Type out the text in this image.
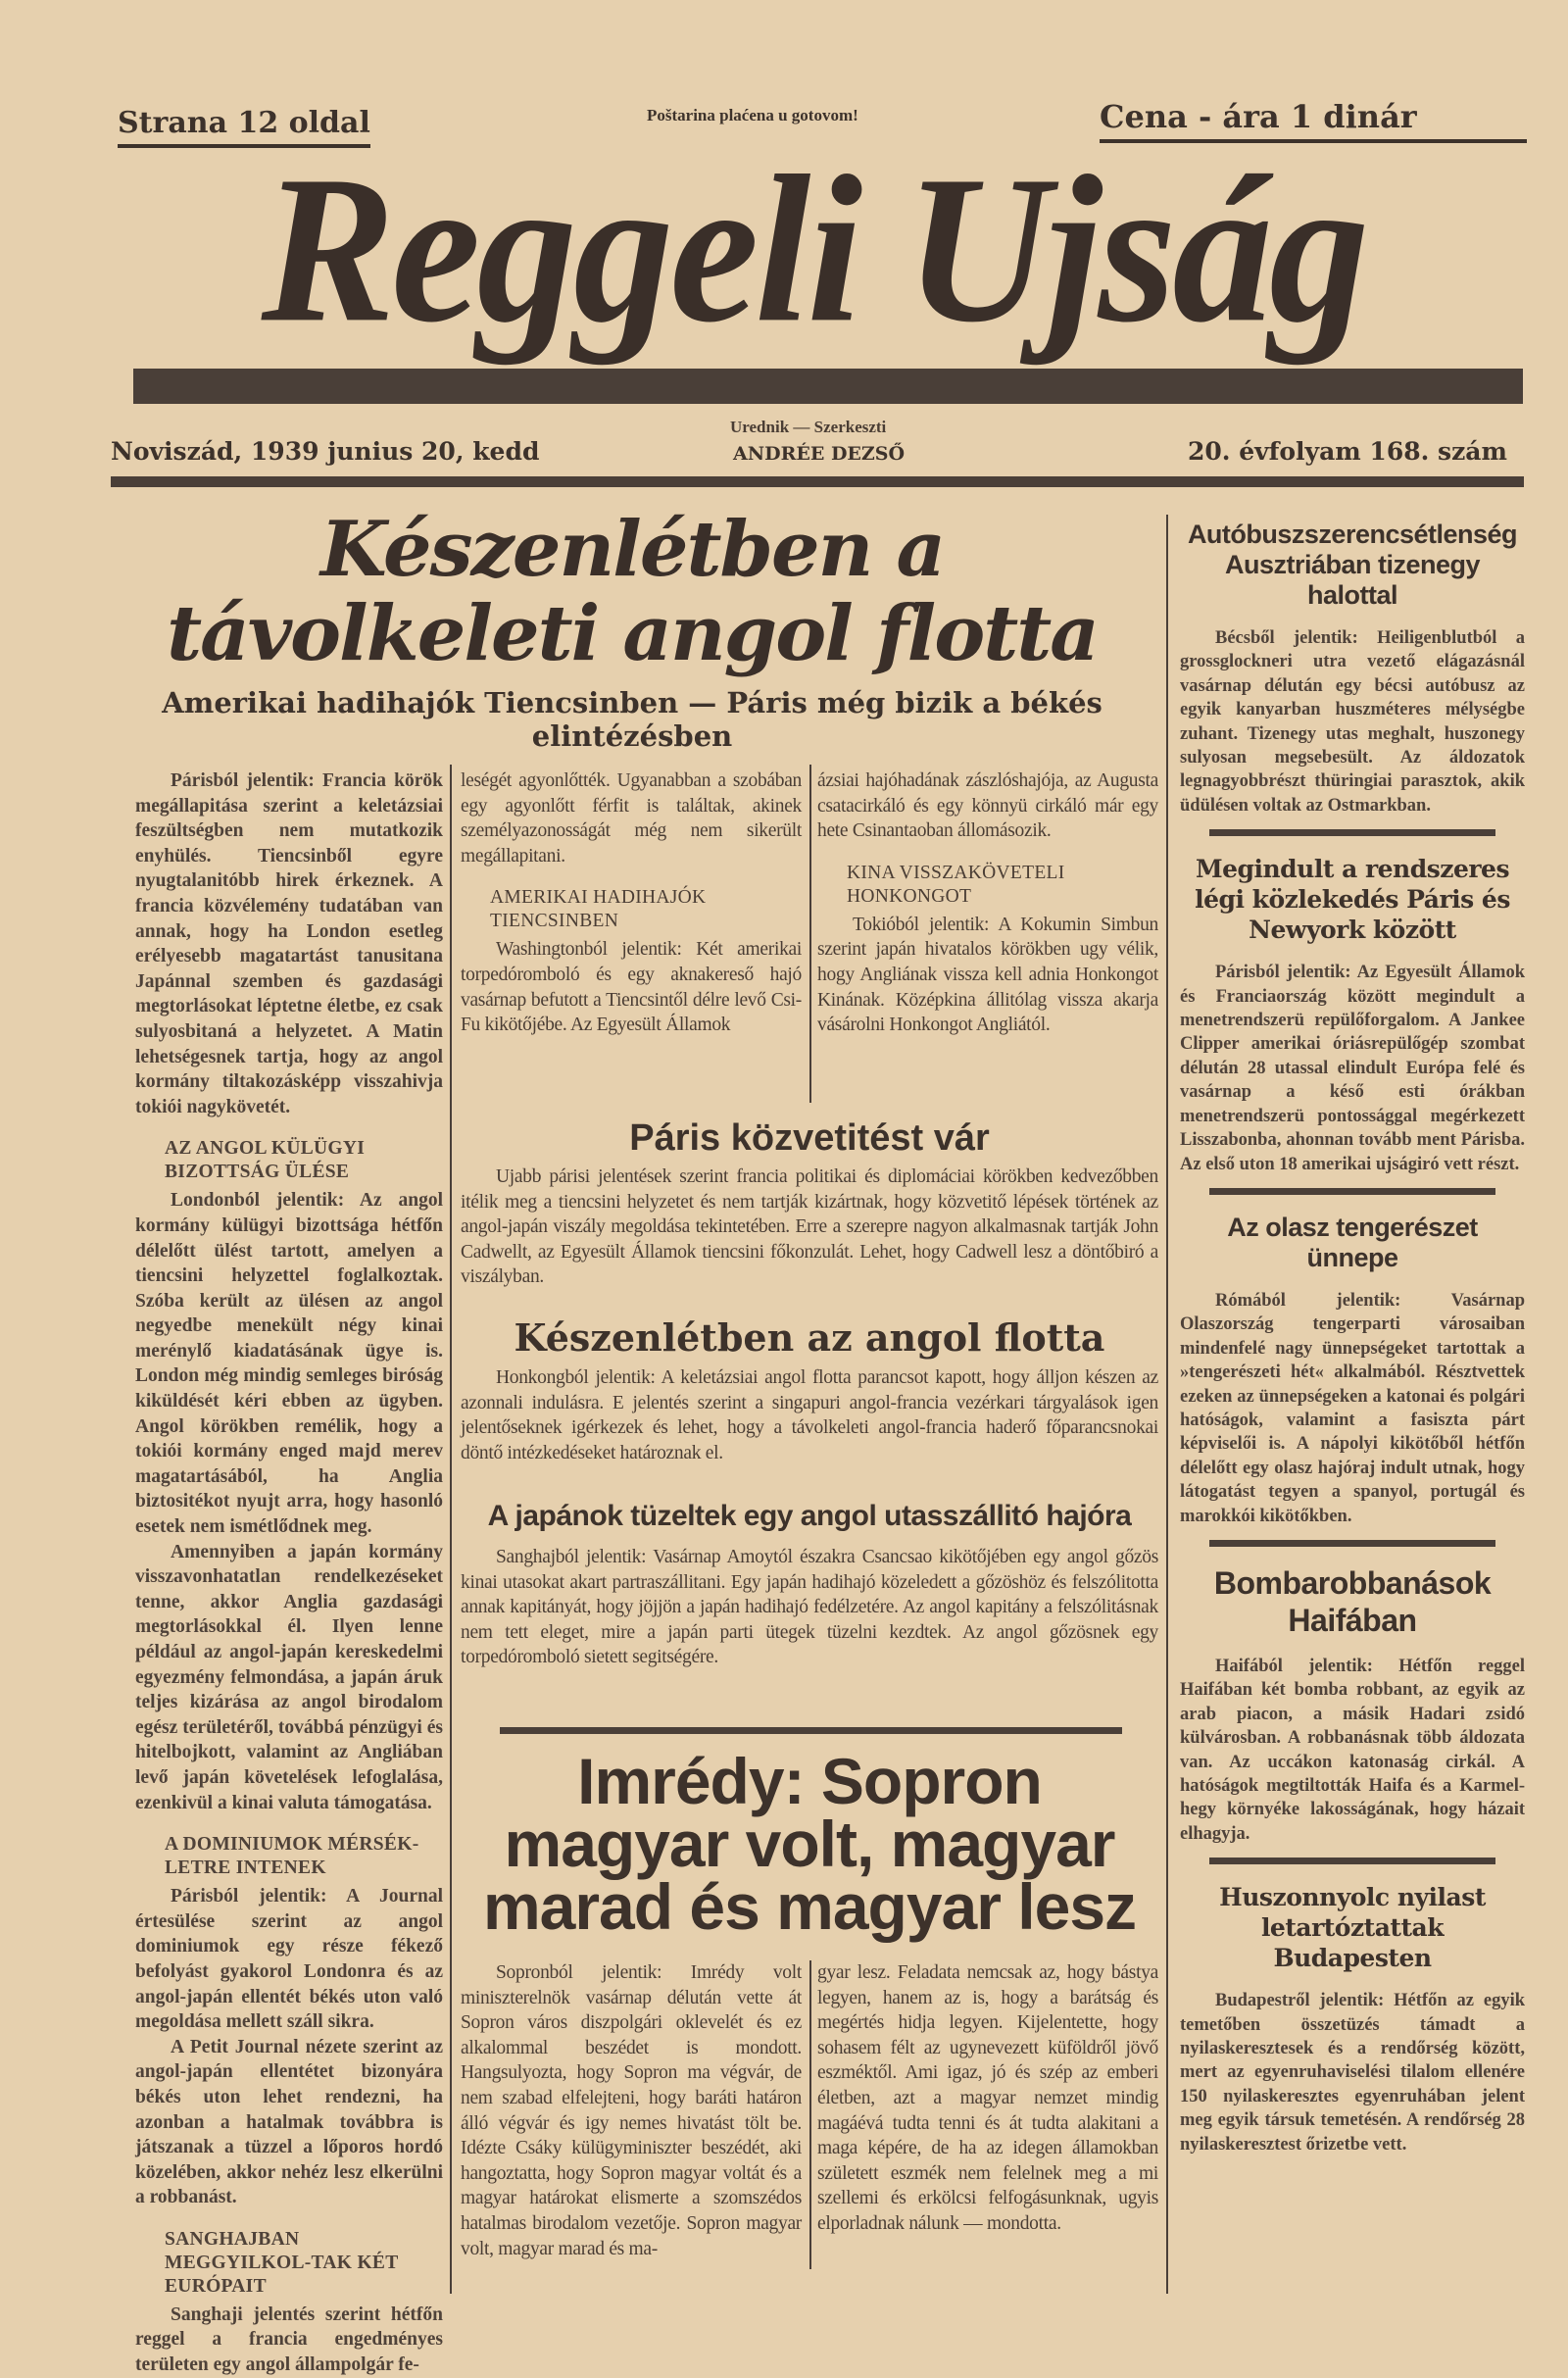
Strana 12 oldal	Poštarina plaćena u gotovom!	Cena - ára 1 dinár
Reggeli Ujság
Noviszád, 1939 junius 20, kedd
Urednik — Szerkeszti
ANDRÉE DEZSŐ	20. évfolyam 168. szám
Készenlétben a távolkeleti angol flotta
Amerikai hadihajók Tiencsinben — Páris még bizik a békés elintézésben

Párisból jelentik: Francia körök megállapitása szerint a keletázsiai feszültségben nem mutatkozik enyhülés. Tiencsinből egyre nyugtalanitóbb hirek érkeznek. A francia közvélemény tudatában van annak, hogy ha London esetleg erélyesebb magatartást tanusitana Japánnal szemben és gazdasági megtorlásokat léptetne életbe, ez csak sulyosbitaná a helyzetet. A Matin lehetségesnek tartja, hogy az angol kormány tiltakozásképp visszahivja tokiói nagykövetét.

AZ ANGOL KÜLÜGYI BIZOTTSÁG ÜLÉSE

Londonból jelentik: Az angol kormány külügyi bizottsága hétfőn délelőtt ülést tartott, amelyen a tiencsini helyzettel foglalkoztak. Szóba került az ülésen az angol negyedbe menekült négy kinai merénylő kiadatásának ügye is. London még mindig semleges biróság kiküldését kéri ebben az ügyben. Angol körökben remélik, hogy a tokiói kormány enged majd merev magatartásából, ha Anglia biztositékot nyujt arra, hogy hasonló esetek nem ismétlődnek meg.

Amennyiben a japán kormány visszavonhatatlan rendelkezéseket tenne, akkor Anglia gazdasági megtorlásokkal él. Ilyen lenne például az angol-japán kereskedelmi egyezmény felmondása, a japán áruk teljes kizárása az angol birodalom egész területéről, továbbá pénzügyi és hitelbojkott, valamint az Angliában levő japán követelések lefoglalása, ezenkivül a kinai valuta támogatása.

A DOMINIUMOK MÉRSÉK-LETRE INTENEK

Párisból jelentik: A Journal értesülése szerint az angol dominiumok egy része fékező befolyást gyakorol Londonra és az angol-japán ellentét békés uton való megoldása mellett száll sikra.

A Petit Journal nézete szerint az angol-japán ellentétet bizonyára békés uton lehet rendezni, ha azonban a hatalmak továbbra is játszanak a tüzzel a lőporos hordó közelében, akkor nehéz lesz elkerülni a robbanást.

SANGHAJBAN MEGGYILKOL-TAK KÉT EURÓPAIT

Sanghaji jelentés szerint hétfőn reggel a francia engedményes területen egy angol állampolgár fe-

leségét agyonlőtték. Ugyanabban a szobában egy agyonlőtt férfit is találtak, akinek személyazonosságát még nem sikerült megállapitani.

AMERIKAI HADIHAJÓK TIENCSINBEN

Washingtonból jelentik: Két amerikai torpedóromboló és egy aknakereső hajó vasárnap befutott a Tiencsintől délre levő Csi-Fu kikötőjébe. Az Egyesült Államok

ázsiai hajóhadának zászlóshajója, az Augusta csatacirkáló és egy könnyü cirkáló már egy hete Csinantaoban állomásozik.

KINA VISSZAKÖVETELI HONKONGOT

Tokióból jelentik: A Kokumin Simbun szerint japán hivatalos körökben ugy vélik, hogy Angliának vissza kell adnia Honkongot Kinának. Középkina állitólag vissza akarja vásárolni Honkongot Angliától.

Páris közvetitést vár

Ujabb párisi jelentések szerint francia politikai és diplomáciai körökben kedvezőbben itélik meg a tiencsini helyzetet és nem tartják kizártnak, hogy közvetitő lépések történek az angol-japán viszály megoldása tekintetében. Erre a szerepre nagyon alkalmasnak tartják John Cadwellt, az Egyesült Államok tiencsini főkonzulát. Lehet, hogy Cadwell lesz a döntőbiró a viszályban.

Készenlétben az angol flotta

Honkongból jelentik: A keletázsiai angol flotta parancsot kapott, hogy álljon készen az azonnali indulásra. E jelentés szerint a singapuri angol-francia vezérkari tárgyalások igen jelentőseknek igérkezek és lehet, hogy a távolkeleti angol-francia haderő főparancsnokai döntő intézkedéseket határoznak el.

A japánok tüzeltek egy angol utasszállitó hajóra

Sanghajból jelentik: Vasárnap Amoytól északra Csancsao kikötőjében egy angol gőzös kinai utasokat akart partraszállitani. Egy japán hadihajó közeledett a gőzöshöz és felszólitotta annak kapitányát, hogy jöjjön a japán hadihajó fedélzetére. Az angol kapitány a felszólitásnak nem tett eleget, mire a japán parti ütegek tüzelni kezdtek. Az angol gőzösnek egy torpedóromboló sietett segitségére.

Imrédy: Sopron magyar volt, magyar marad és magyar lesz

Sopronból jelentik: Imrédy volt miniszterelnök vasárnap délután vette át Sopron város diszpolgári oklevelét és ez alkalommal beszédet is mondott. Hangsulyozta, hogy Sopron ma végvár, de nem szabad elfelejteni, hogy baráti határon álló végvár és igy nemes hivatást tölt be. Idézte Csáky külügyminiszter beszédét, aki hangoztatta, hogy Sopron magyar voltát és a magyar határokat elismerte a szomszédos hatalmas birodalom vezetője. Sopron magyar volt, magyar marad és ma-

gyar lesz. Feladata nemcsak az, hogy bástya legyen, hanem az is, hogy a barátság és megértés hidja legyen. Kijelentette, hogy sohasem félt az ugynevezett küföldről jövő eszméktől. Ami igaz, jó és szép az emberi életben, azt a magyar nemzet mindig magáévá tudta tenni és át tudta alakitani a maga képére, de ha az idegen államokban született eszmék nem felelnek meg a mi szellemi és erkölcsi felfogásunknak, ugyis elporladnak nálunk — mondotta.

Autóbuszszerencsétlenség Ausztriában tizenegy halottal

Bécsből jelentik: Heiligenblutból a grossglockneri utra vezető elágazásnál vasárnap délután egy bécsi autóbusz az egyik kanyarban huszméteres mélységbe zuhant. Tizenegy utas meghalt, huszonegy sulyosan megsebesült. Az áldozatok legnagyobbrészt thüringiai parasztok, akik üdülésen voltak az Ostmarkban.

Megindult a rendszeres légi közlekedés Páris és Newyork között

Párisból jelentik: Az Egyesült Államok és Franciaország között megindult a menetrendszerü repülőforgalom. A Jankee Clipper amerikai óriásrepülőgép szombat délután 28 utassal elindult Európa felé és vasárnap a késő esti órákban menetrendszerü pontossággal megérkezett Lisszabonba, ahonnan tovább ment Párisba. Az első uton 18 amerikai ujságiró vett részt.

Az olasz tengerészet ünnepe

Rómából jelentik: Vasárnap Olaszország tengerparti városaiban mindenfelé nagy ünnepségeket tartottak a »tengerészeti hét« alkalmából. Résztvettek ezeken az ünnepségeken a katonai és polgári hatóságok, valamint a fasiszta párt képviselői is. A nápolyi kikötőből hétfőn délelőtt egy olasz hajóraj indult utnak, hogy látogatást tegyen a spanyol, portugál és marokkói kikötőkben.

Bombarobbanások Haifában

Haifából jelentik: Hétfőn reggel Haifában két bomba robbant, az egyik az arab piacon, a másik Hadari zsidó külvárosban. A robbanásnak több áldozata van. Az uccákon katonaság cirkál. A hatóságok megtiltották Haifa és a Karmel-hegy környéke lakosságának, hogy házait elhagyja.

Huszonnyolc nyilast letartóztattak Budapesten

Budapestről jelentik: Hétfőn az egyik temetőben összetüzés támadt a nyilaskeresztesek és a rendőrség között, mert az egyenruhaviselési tilalom ellenére 150 nyilaskeresztes egyenruhában jelent meg egyik társuk temetésén. A rendőrség 28 nyilaskeresztest őrizetbe vett.
